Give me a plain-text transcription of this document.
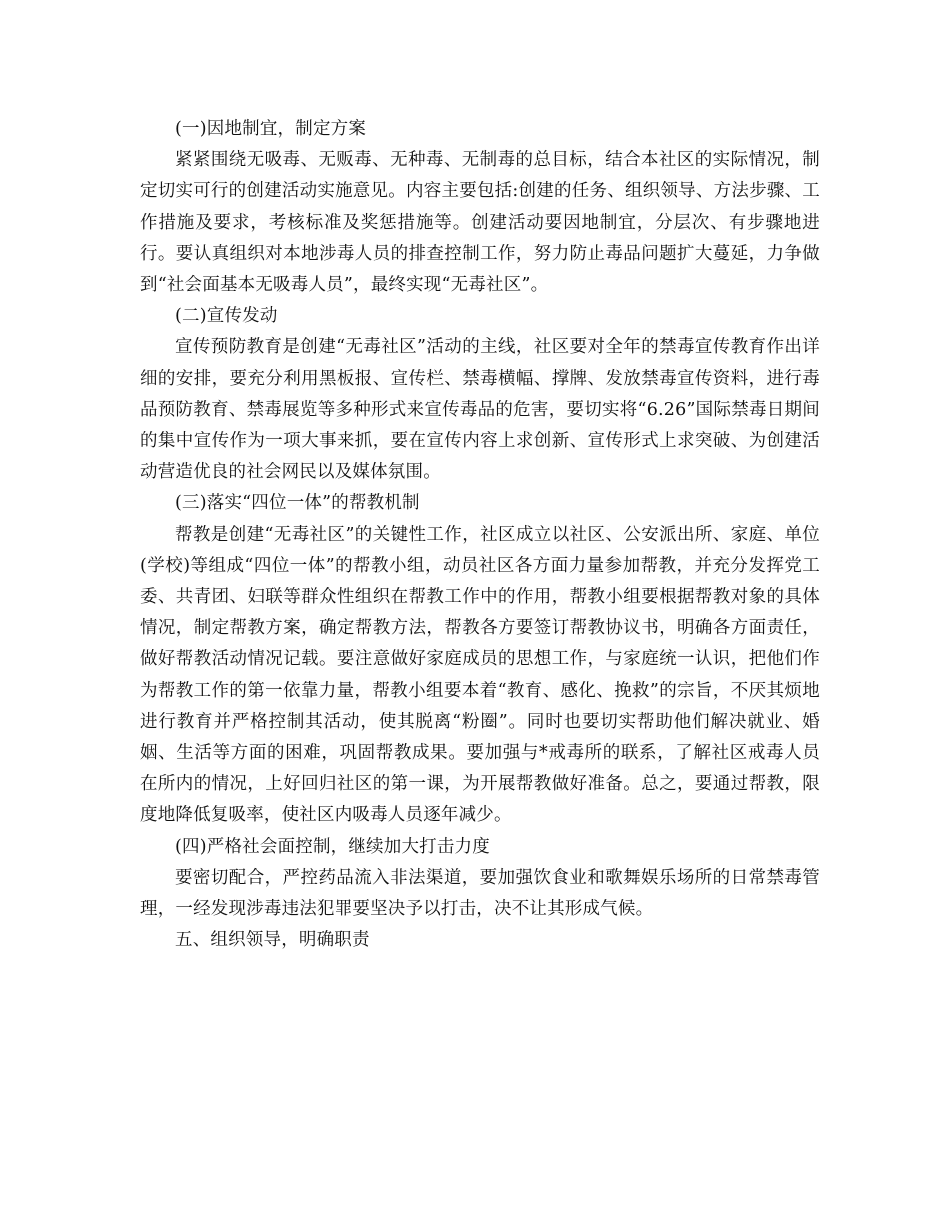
(一)因地制宜，制定方案

紧紧围绕无吸毒、无贩毒、无种毒、无制毒的总目标，结合本社区的实际情况，制定切实可行的创建活动实施意见。内容主要包括:创建的任务、组织领导、方法步骤、工作措施及要求，考核标准及奖惩措施等。创建活动要因地制宜，分层次、有步骤地进行。要认真组织对本地涉毒人员的排查控制工作，努力防止毒品问题扩大蔓延，力争做到“社会面基本无吸毒人员”，最终实现“无毒社区”。

(二)宣传发动

宣传预防教育是创建“无毒社区”活动的主线，社区要对全年的禁毒宣传教育作出详细的安排，要充分利用黑板报、宣传栏、禁毒横幅、撑牌、发放禁毒宣传资料，进行毒品预防教育、禁毒展览等多种形式来宣传毒品的危害，要切实将“6.26”国际禁毒日期间的集中宣传作为一项大事来抓，要在宣传内容上求创新、宣传形式上求突破、为创建活动营造优良的社会网民以及媒体氛围。

(三)落实“四位一体”的帮教机制

帮教是创建“无毒社区”的关键性工作，社区成立以社区、公安派出所、家庭、单位(学校)等组成“四位一体”的帮教小组，动员社区各方面力量参加帮教，并充分发挥党工委、共青团、妇联等群众性组织在帮教工作中的作用，帮教小组要根据帮教对象的具体情况，制定帮教方案，确定帮教方法，帮教各方要签订帮教协议书，明确各方面责任，做好帮教活动情况记载。要注意做好家庭成员的思想工作，与家庭统一认识，把他们作为帮教工作的第一依靠力量，帮教小组要本着“教育、感化、挽救”的宗旨，不厌其烦地进行教育并严格控制其活动，使其脱离“粉圈”。同时也要切实帮助他们解决就业、婚姻、生活等方面的困难，巩固帮教成果。要加强与*戒毒所的联系，了解社区戒毒人员在所内的情况，上好回归社区的第一课，为开展帮教做好准备。总之，要通过帮教，限度地降低复吸率，使社区内吸毒人员逐年减少。

(四)严格社会面控制，继续加大打击力度

要密切配合，严控药品流入非法渠道，要加强饮食业和歌舞娱乐场所的日常禁毒管理，一经发现涉毒违法犯罪要坚决予以打击，决不让其形成气候。

五、组织领导，明确职责
